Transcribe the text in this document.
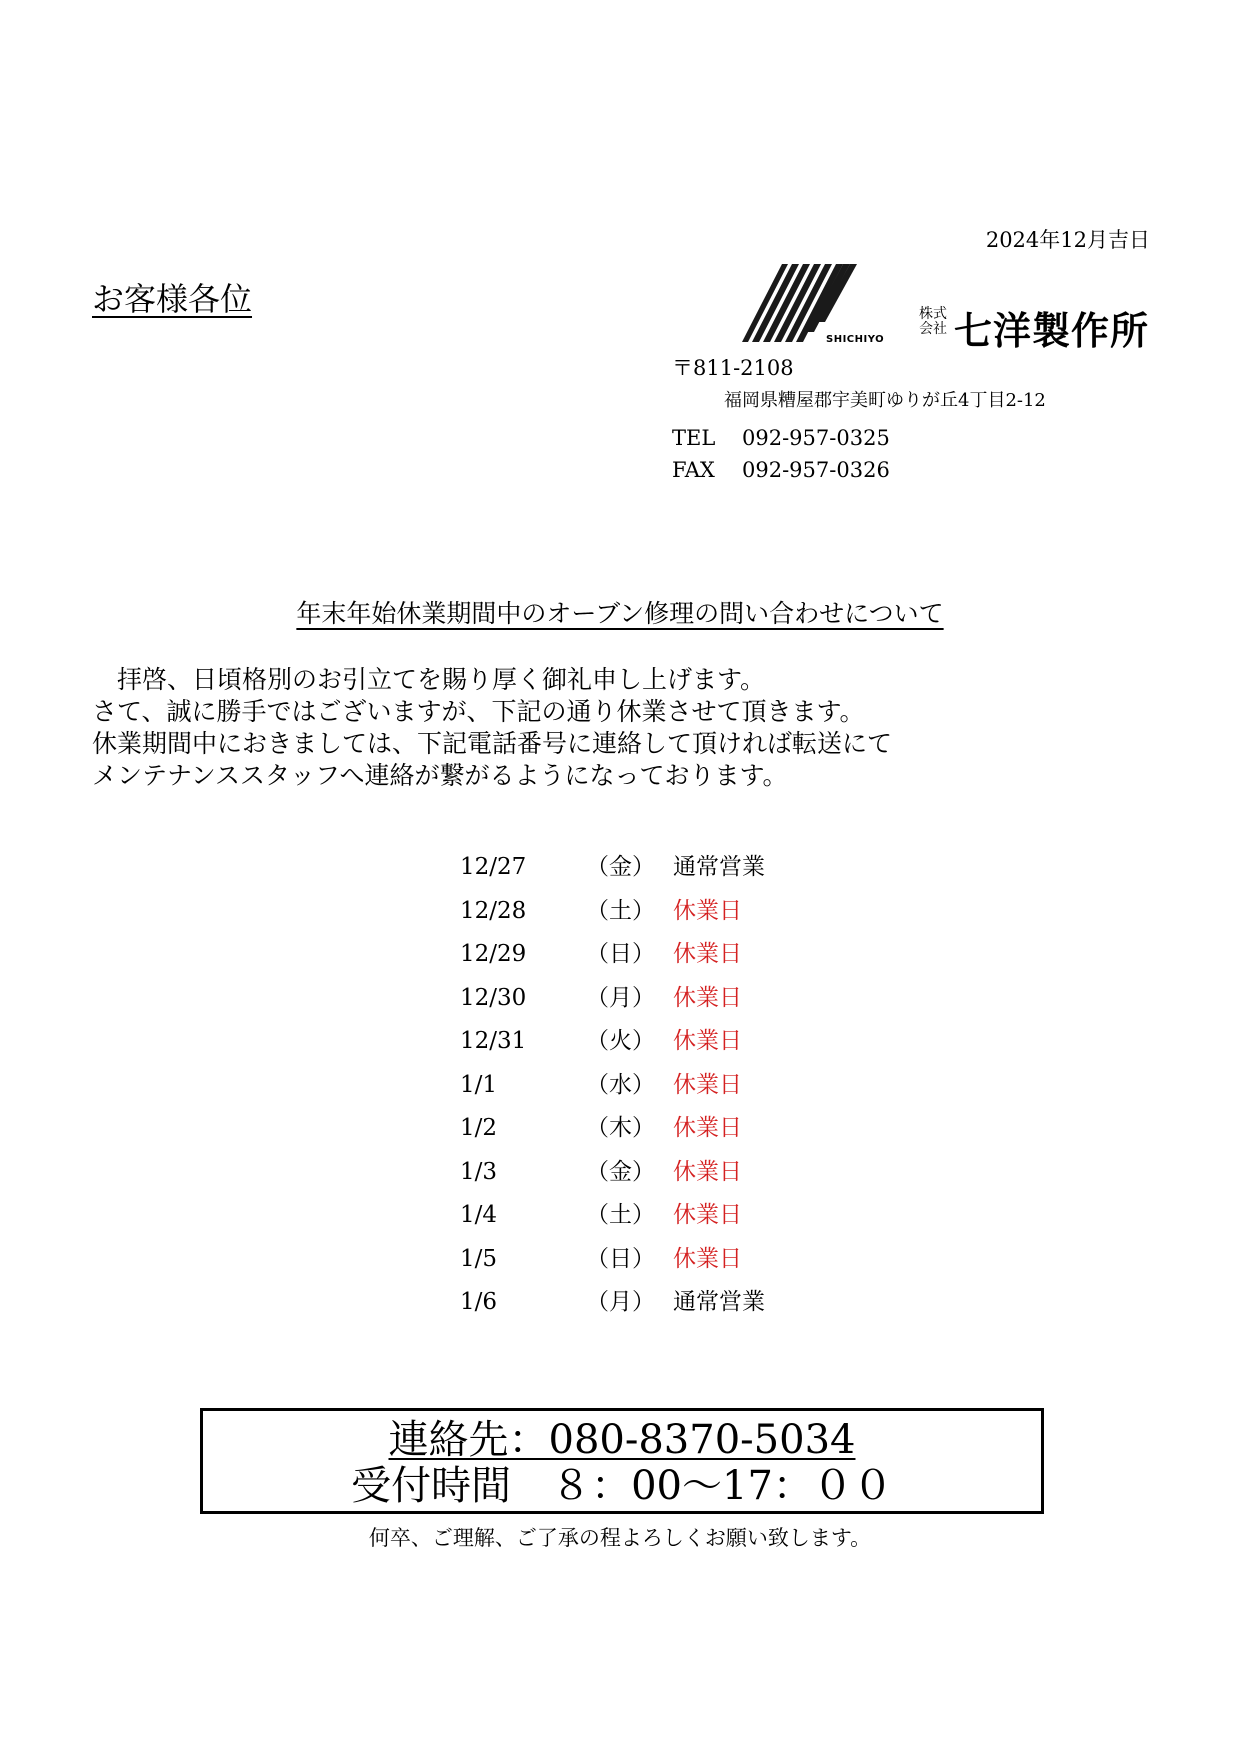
2024年12月吉日
お客様各位
SHICHIYO
株式会社 七洋製作所
〒811-2108
福岡県糟屋郡宇美町ゆりが丘4丁目2-12
TEL 092-957-0325
FAX 092-957-0326
年末年始休業期間中のオーブン修理の問い合わせについて
　拝啓、日頃格別のお引立てを賜り厚く御礼申し上げます。
さて、誠に勝手ではございますが、下記の通り休業させて頂きます。
休業期間中におきましては、下記電話番号に連絡して頂ければ転送にて
メンテナンススタッフへ連絡が繋がるようになっております。
12/27	（金） 通常営業
12/28	（土） 休業日
12/29	（日） 休業日
12/30	（月） 休業日
12/31	（火） 休業日
1/1	（水） 休業日
1/2	（木） 休業日
1/3	（金） 休業日
1/4	（土） 休業日
1/5	（日） 休業日
1/6	（月） 通常営業
連絡先：080-8370-5034
受付時間　８：00～17：００
何卒、ご理解、ご了承の程よろしくお願い致します。
